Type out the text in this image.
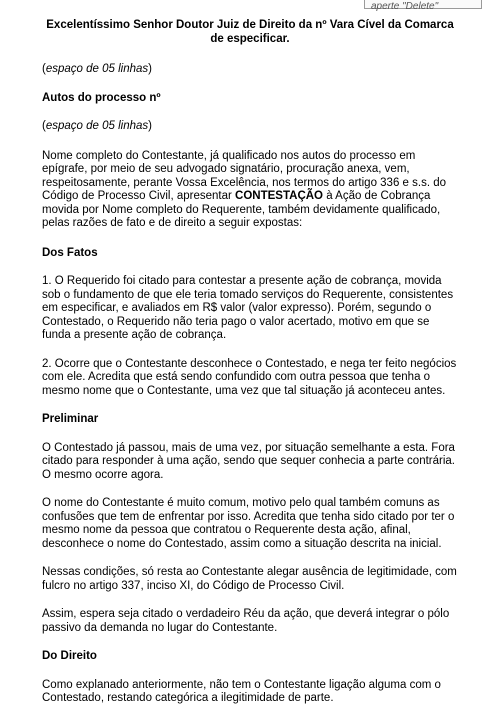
aperte "Delete"
Excelentíssimo Senhor Doutor Juiz de Direito da nº Vara Cível da Comarca
de especificar.

(espaço de 05 linhas)

Autos do processo nº

(espaço de 05 linhas)

Nome completo do Contestante, já qualificado nos autos do processo em epígrafe, por meio de seu advogado signatário, procuração anexa, vem, respeitosamente, perante Vossa Excelência, nos termos do artigo 336 e s.s. do Código de Processo Civil, apresentar CONTESTAÇÃO à Ação de Cobrança movida por Nome completo do Requerente, também devidamente qualificado, pelas razões de fato e de direito a seguir expostas:

Dos Fatos

1. O Requerido foi citado para contestar a presente ação de cobrança, movida sob o fundamento de que ele teria tomado serviços do Requerente, consistentes em especificar, e avaliados em R$ valor (valor expresso). Porém, segundo o Contestado, o Requerido não teria pago o valor acertado, motivo em que se funda a presente ação de cobrança.

2. Ocorre que o Contestante desconhece o Contestado, e nega ter feito negócios com ele. Acredita que está sendo confundido com outra pessoa que tenha o mesmo nome que o Contestante, uma vez que tal situação já aconteceu antes.

Preliminar

O Contestado já passou, mais de uma vez, por situação semelhante a esta. Fora citado para responder à uma ação, sendo que sequer conhecia a parte contrária. O mesmo ocorre agora.

O nome do Contestante é muito comum, motivo pelo qual também comuns as confusões que tem de enfrentar por isso. Acredita que tenha sido citado por ter o mesmo nome da pessoa que contratou o Requerente desta ação, afinal, desconhece o nome do Contestado, assim como a situação descrita na inicial.

Nessas condições, só resta ao Contestante alegar ausência de legitimidade, com fulcro no artigo 337, inciso XI, do Código de Processo Civil.

Assim, espera seja citado o verdadeiro Réu da ação, que deverá integrar o pólo passivo da demanda no lugar do Contestante.

Do Direito

Como explanado anteriormente, não tem o Contestante ligação alguma com o Contestado, restando categórica a ilegitimidade de parte.
